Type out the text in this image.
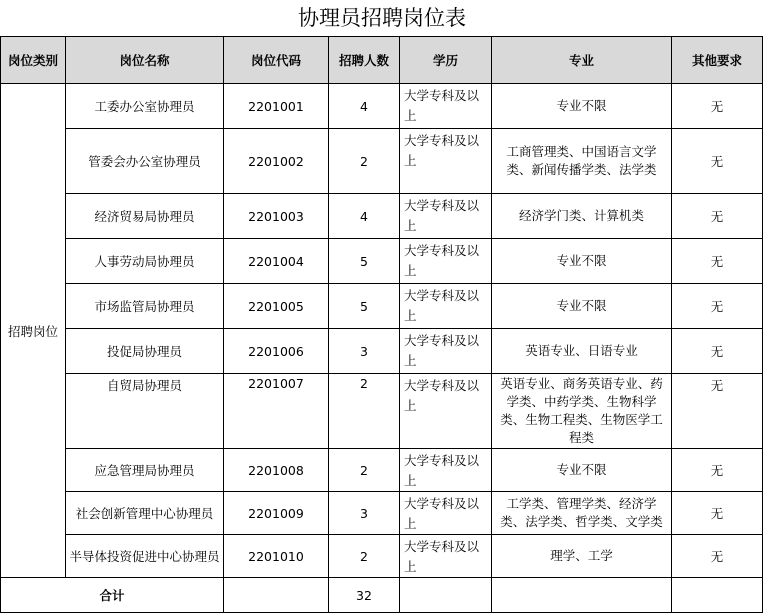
协理员招聘岗位表
岗位类别	岗位名称	岗位代码	招聘人数	学历	专业	其他要求
招聘岗位	工委办公室协理员	2201001	4	大学专科及以上	专业不限	无
	管委会办公室协理员	2201002	2	大学专科及以上	工商管理类、中国语言文学类、新闻传播学类、法学类	无
	经济贸易局协理员	2201003	4	大学专科及以上	经济学门类、计算机类	无
	人事劳动局协理员	2201004	5	大学专科及以上	专业不限	无
	市场监管局协理员	2201005	5	大学专科及以上	专业不限	无
	投促局协理员	2201006	3	大学专科及以上	英语专业、日语专业	无
	自贸局协理员	2201007	2	大学专科及以上	英语专业、商务英语专业、药学类、中药学类、生物科学类、生物工程类、生物医学工程类	无
	应急管理局协理员	2201008	2	大学专科及以上	专业不限	无
	社会创新管理中心协理员	2201009	3	大学专科及以上	工学类、管理学类、经济学类、法学类、哲学类、文学类	无
	半导体投资促进中心协理员	2201010	2	大学专科及以上	理学、工学	无
合计			32			
